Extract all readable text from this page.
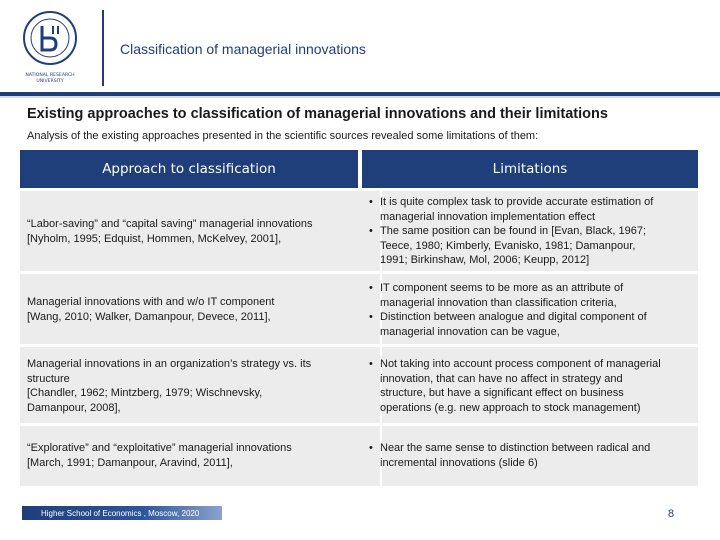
NATIONAL RESEARCH
UNIVERSITY
Classification of managerial innovations
Existing approaches to classification of managerial innovations and their limitations
Analysis of the existing approaches presented in the scientific sources revealed some limitations of them:
Approach to classification	Limitations
“Labor-saving” and “capital saving” managerial innovations
[Nyholm, 1995; Edquist, Hommen, McKelvey, 2001],
• It is quite complex task to provide accurate estimation of
managerial innovation implementation effect
• The same position can be found in [Evan, Black, 1967;
Teece, 1980; Kimberly, Evanisko, 1981; Damanpour,
1991; Birkinshaw, Mol, 2006; Keupp, 2012]
Managerial innovations with and w/o IT component
[Wang, 2010; Walker, Damanpour, Devece, 2011],
• IT component seems to be more as an attribute of
managerial innovation than classification criteria,
• Distinction between analogue and digital component of
managerial innovation can be vague,
Managerial innovations in an organization’s strategy vs. its
structure
[Chandler, 1962; Mintzberg, 1979; Wischnevsky,
Damanpour, 2008],
• Not taking into account process component of managerial
innovation, that can have no affect in strategy and
structure, but have a significant effect on business
operations (e.g. new approach to stock management)
“Explorative” and “exploitative” managerial innovations
[March, 1991; Damanpour, Aravind, 2011],
• Near the same sense to distinction between radical and
incremental innovations (slide 6)
Higher School of Economics , Moscow, 2020	8
